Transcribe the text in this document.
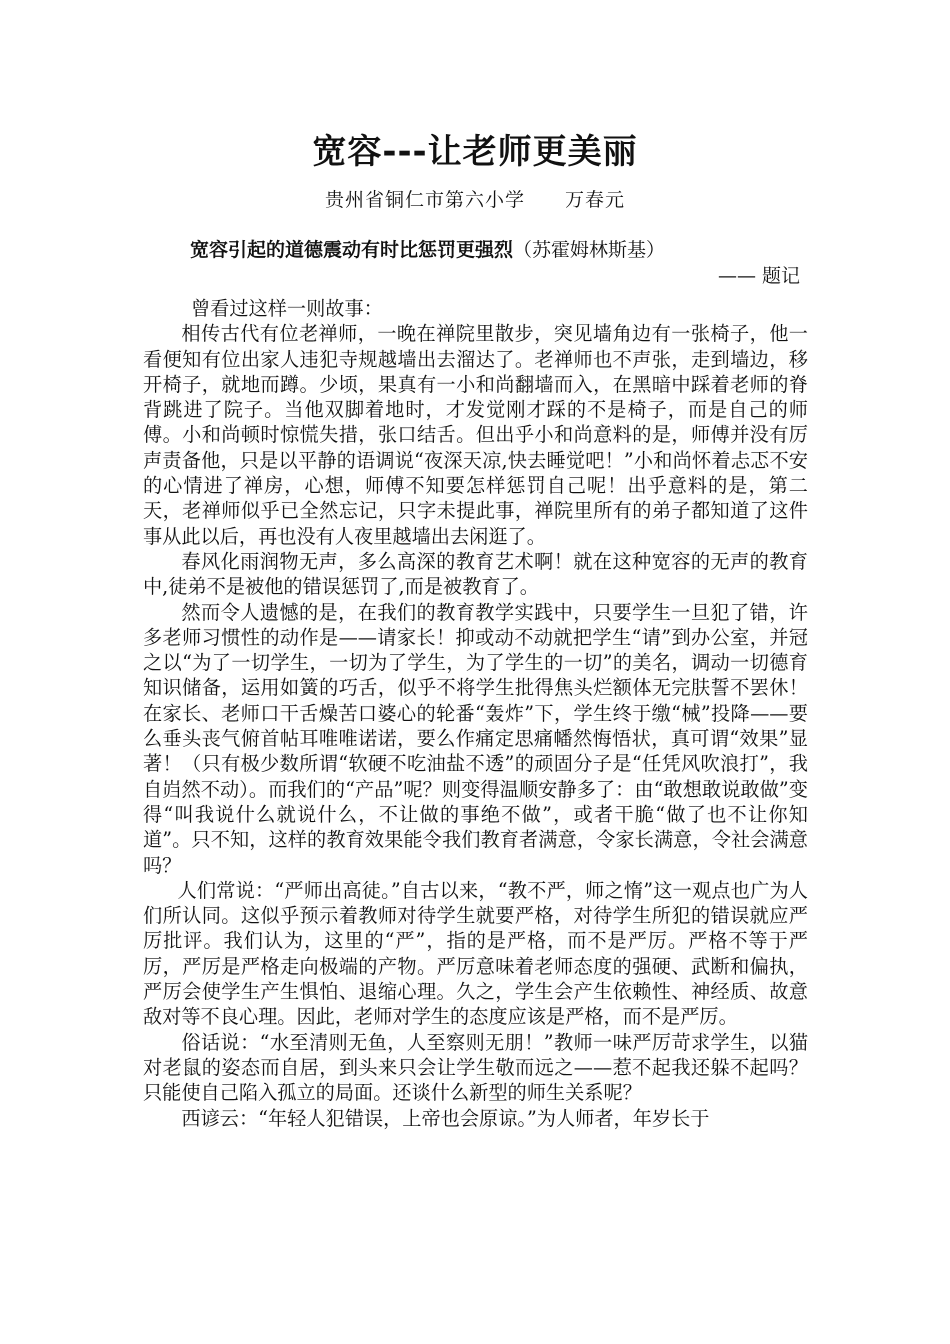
宽容---让老师更美丽
贵州省铜仁市第六小学 万春元
宽容引起的道德震动有时比惩罚更强烈（苏霍姆林斯基）
—— 题记

曾看过这样一则故事：

相传古代有位老禅师，一晚在禅院里散步，突见墙角边有一张椅子，他一看便知有位出家人违犯寺规越墙出去溜达了。老禅师也不声张，走到墙边，移开椅子，就地而蹲。少顷，果真有一小和尚翻墙而入，在黑暗中踩着老师的脊背跳进了院子。当他双脚着地时，才发觉刚才踩的不是椅子，而是自己的师傅。小和尚顿时惊慌失措，张口结舌。但出乎小和尚意料的是，师傅并没有厉声责备他，只是以平静的语调说“夜深天凉,快去睡觉吧！”小和尚怀着忐忑不安的心情进了禅房，心想，师傅不知要怎样惩罚自己呢！出乎意料的是，第二天，老禅师似乎已全然忘记，只字未提此事，禅院里所有的弟子都知道了这件事从此以后，再也没有人夜里越墙出去闲逛了。

春风化雨润物无声，多么高深的教育艺术啊！就在这种宽容的无声的教育中,徒弟不是被他的错误惩罚了,而是被教育了。

然而令人遗憾的是，在我们的教育教学实践中，只要学生一旦犯了错，许多老师习惯性的动作是——请家长！抑或动不动就把学生“请”到办公室，并冠之以“为了一切学生，一切为了学生，为了学生的一切”的美名，调动一切德育知识储备，运用如簧的巧舌，似乎不将学生批得焦头烂额体无完肤誓不罢休！在家长、老师口干舌燥苦口婆心的轮番“轰炸”下，学生终于缴“械”投降——要么垂头丧气俯首帖耳唯唯诺诺，要么作痛定思痛幡然悔悟状，真可谓“效果”显著！（只有极少数所谓“软硬不吃油盐不透”的顽固分子是“任凭风吹浪打”，我自岿然不动）。而我们的“产品”呢？则变得温顺安静多了：由“敢想敢说敢做”变得“叫我说什么就说什么，不让做的事绝不做”，或者干脆“做了也不让你知道”。只不知，这样的教育效果能令我们教育者满意，令家长满意，令社会满意吗？

人们常说：“严师出高徒。”自古以来，“教不严，师之惰”这一观点也广为人们所认同。这似乎预示着教师对待学生就要严格，对待学生所犯的错误就应严厉批评。我们认为，这里的“严”，指的是严格，而不是严厉。严格不等于严厉，严厉是严格走向极端的产物。严厉意味着老师态度的强硬、武断和偏执，严厉会使学生产生惧怕、退缩心理。久之，学生会产生依赖性、神经质、故意敌对等不良心理。因此，老师对学生的态度应该是严格，而不是严厉。

俗话说：“水至清则无鱼，人至察则无朋！”教师一味严厉苛求学生，以猫对老鼠的姿态而自居，到头来只会让学生敬而远之——惹不起我还躲不起吗？只能使自己陷入孤立的局面。还谈什么新型的师生关系呢？

西谚云：“年轻人犯错误，上帝也会原谅。”为人师者，年岁长于
